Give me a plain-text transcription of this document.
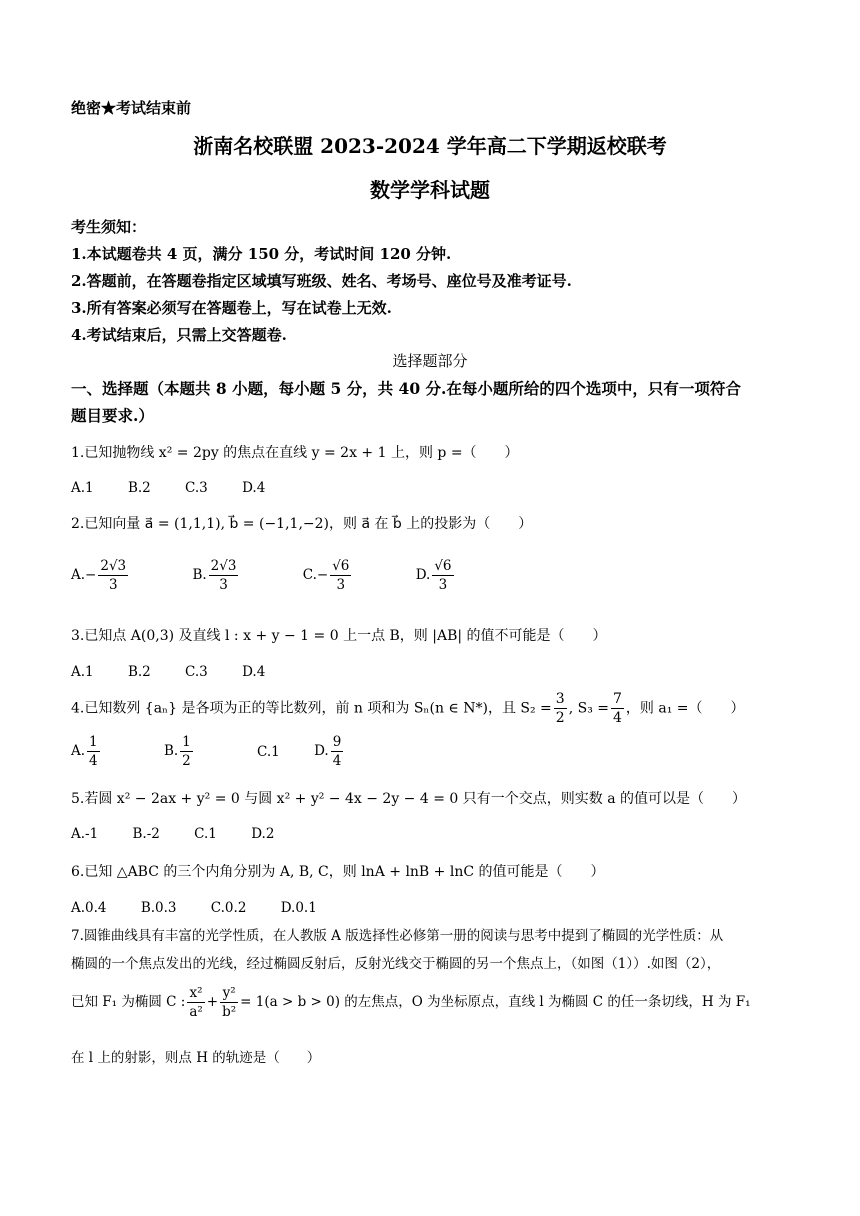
绝密★考试结束前
浙南名校联盟 2023-2024 学年高二下学期返校联考
数学学科试题
考生须知：
1.本试题卷共 4 页，满分 150 分，考试时间 120 分钟.
2.答题前，在答题卷指定区域填写班级、姓名、考场号、座位号及准考证号.
3.所有答案必须写在答题卷上，写在试卷上无效.
4.考试结束后，只需上交答题卷.
选择题部分
一、选择题（本题共 8 小题，每小题 5 分，共 40 分.在每小题所给的四个选项中，只有一项符合
题目要求.）
1.已知抛物线 x² = 2py 的焦点在直线 y = 2x + 1 上，则 p =（　　）
A.1	B.2	C.3	D.4
2.已知向量 a⃗ = (1,1,1), b⃗ = (−1,1,−2)，则 a⃗ 在 b⃗ 上的投影为（　　）
$A.- \frac{2√3}{3}$	B. $\frac{2√3}{3}$	$C.- \frac{√6}{3}$	D. $\frac{√6}{3}$
3.已知点 A(0,3) 及直线 l : x + y − 1 = 0 上一点 B，则 |AB| 的值不可能是（　　）
A.1	B.2	C.3	D.4
4.已知数列 {aₙ} 是各项为正的等比数列，前 n 项和为 Sₙ(n ∈ N*)，且 $S_2 = \frac{3}{2}$ , $S_3 = \frac{7}{4}$ ，则 a₁ =（　　）
A. $\frac{1}{4}$	B. $\frac{1}{2}$	C.1	D. $\frac{9}{4}$
5.若圆 x² − 2ax + y² = 0 与圆 x² + y² − 4x − 2y − 4 = 0 只有一个交点，则实数 a 的值可以是（　　）
A.-1	B.-2	C.1	D.2
6.已知 △ABC 的三个内角分别为 A, B, C，则 lnA + lnB + lnC 的值可能是（　　）
A.0.4	B.0.3	C.0.2	D.0.1
7.圆锥曲线具有丰富的光学性质，在人教版 A 版选择性必修第一册的阅读与思考中提到了椭圆的光学性质：从
椭圆的一个焦点发出的光线，经过椭圆反射后，反射光线交于椭圆的另一个焦点上，（如图（1））.如图（2），
已知 F₁ 为椭圆 C : $\frac{\text{x²}}{\text{a²}} + \frac{\text{y²}}{\text{b²}} = 1(a > b > 0)$ 的左焦点，O 为坐标原点，直线 l 为椭圆 C 的任一条切线，H 为 F₁
在 l 上的射影，则点 H 的轨迹是（　　）
